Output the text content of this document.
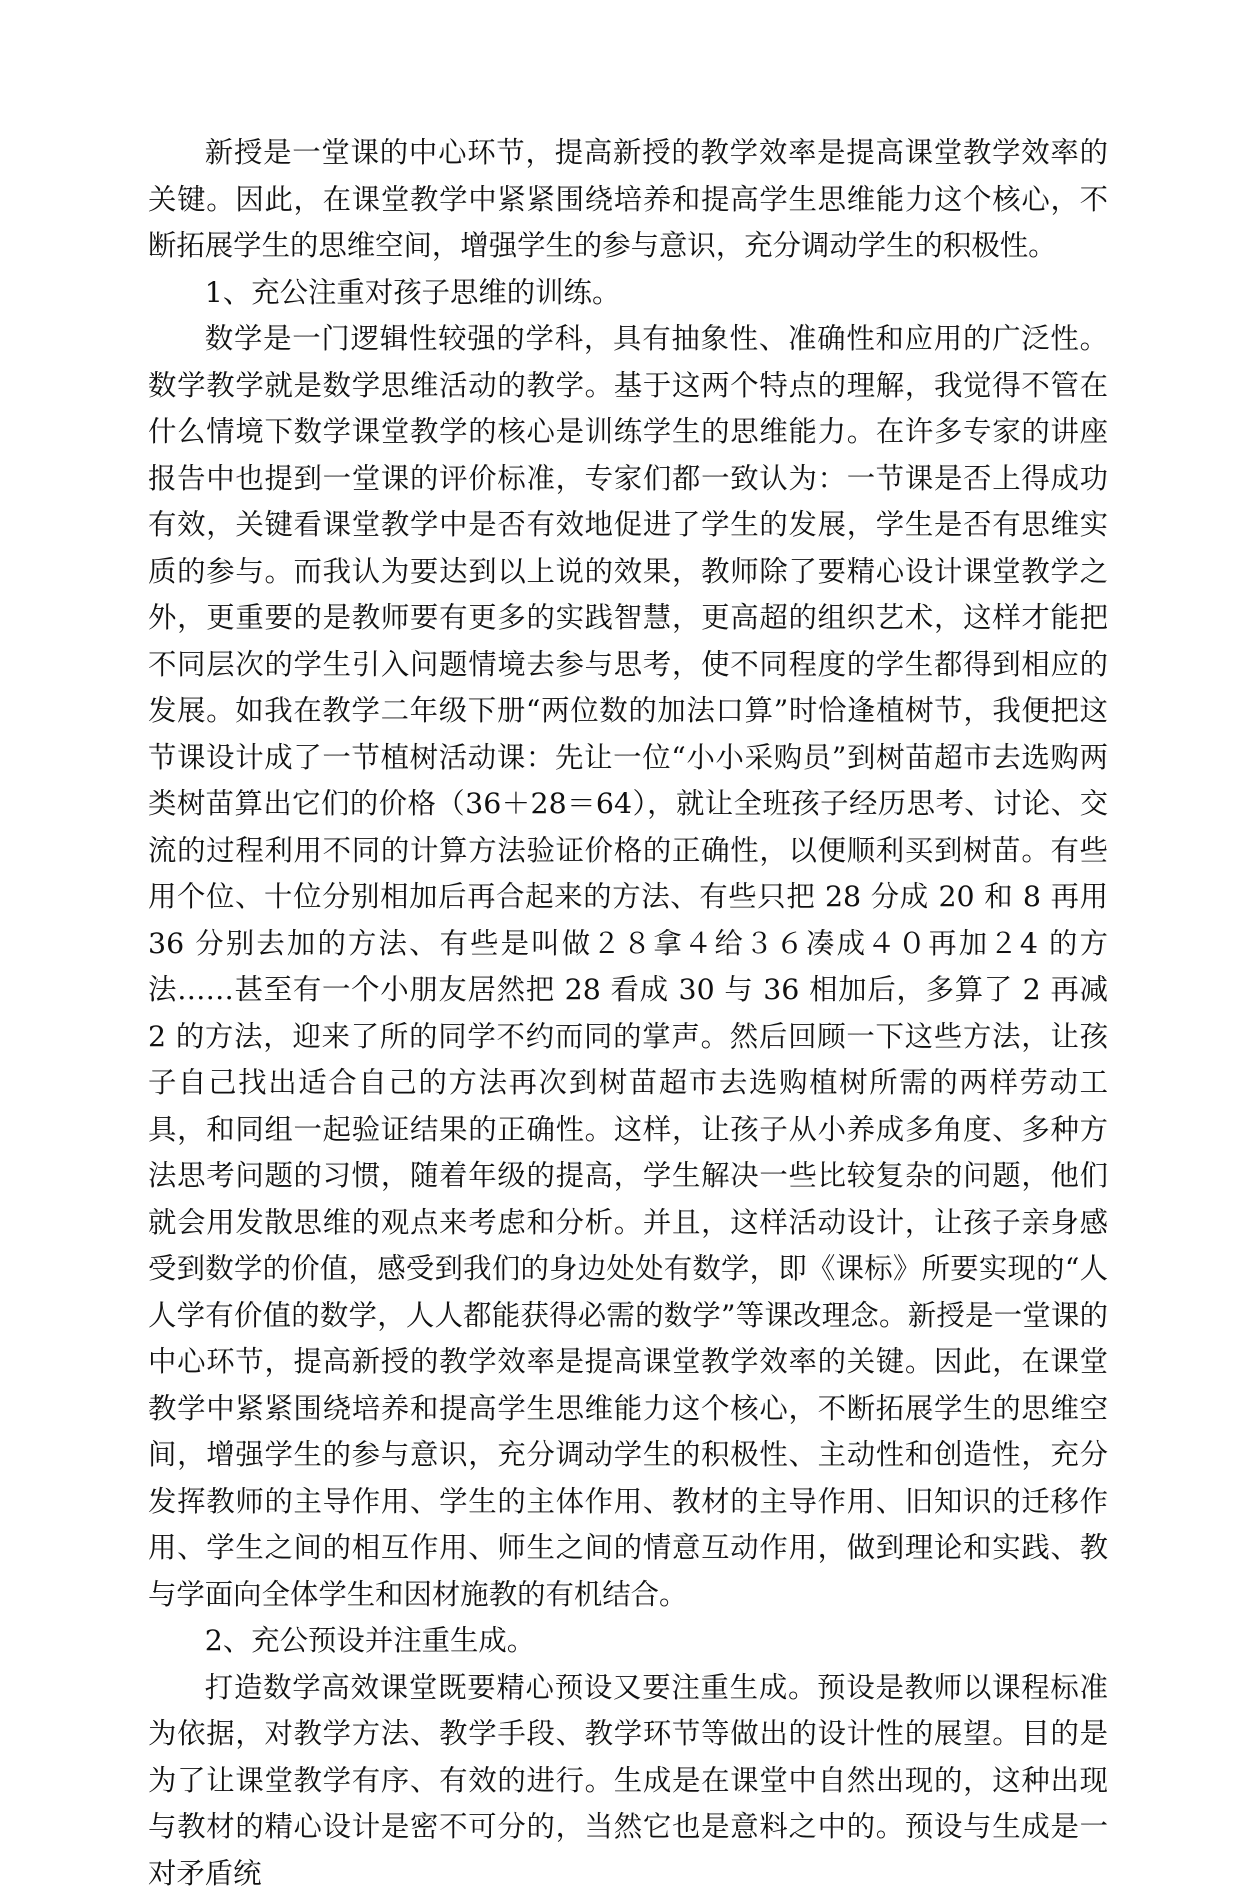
新授是一堂课的中心环节，提高新授的教学效率是提高课堂教学效率的关键。因此，在课堂教学中紧紧围绕培养和提高学生思维能力这个核心，不断拓展学生的思维空间，增强学生的参与意识，充分调动学生的积极性。

1、充公注重对孩子思维的训练。

数学是一门逻辑性较强的学科，具有抽象性、准确性和应用的广泛性。数学教学就是数学思维活动的教学。基于这两个特点的理解，我觉得不管在什么情境下数学课堂教学的核心是训练学生的思维能力。在许多专家的讲座报告中也提到一堂课的评价标准，专家们都一致认为：一节课是否上得成功有效，关键看课堂教学中是否有效地促进了学生的发展，学生是否有思维实质的参与。而我认为要达到以上说的效果，教师除了要精心设计课堂教学之外，更重要的是教师要有更多的实践智慧，更高超的组织艺术，这样才能把不同层次的学生引入问题情境去参与思考，使不同程度的学生都得到相应的发展。如我在教学二年级下册“两位数的加法口算”时恰逢植树节，我便把这节课设计成了一节植树活动课：先让一位“小小采购员”到树苗超市去选购两类树苗算出它们的价格（36＋28＝64），就让全班孩子经历思考、讨论、交流的过程利用不同的计算方法验证价格的正确性，以便顺利买到树苗。有些用个位、十位分别相加后再合起来的方法、有些只把 28 分成 20 和 8 再用 36 分别去加的方法、有些是叫做２８拿４给３６凑成４０再加２4 的方法……甚至有一个小朋友居然把 28 看成 30 与 36 相加后，多算了 2 再减 2 的方法，迎来了所的同学不约而同的掌声。然后回顾一下这些方法，让孩子自己找出适合自己的方法再次到树苗超市去选购植树所需的两样劳动工具，和同组一起验证结果的正确性。这样，让孩子从小养成多角度、多种方法思考问题的习惯，随着年级的提高，学生解决一些比较复杂的问题，他们就会用发散思维的观点来考虑和分析。并且，这样活动设计，让孩子亲身感受到数学的价值，感受到我们的身边处处有数学，即《课标》所要实现的“人人学有价值的数学，人人都能获得必需的数学”等课改理念。新授是一堂课的中心环节，提高新授的教学效率是提高课堂教学效率的关键。因此，在课堂教学中紧紧围绕培养和提高学生思维能力这个核心，不断拓展学生的思维空间，增强学生的参与意识，充分调动学生的积极性、主动性和创造性，充分发挥教师的主导作用、学生的主体作用、教材的主导作用、旧知识的迁移作用、学生之间的相互作用、师生之间的情意互动作用，做到理论和实践、教与学面向全体学生和因材施教的有机结合。

2、充公预设并注重生成。

打造数学高效课堂既要精心预设又要注重生成。预设是教师以课程标准为依据，对教学方法、教学手段、教学环节等做出的设计性的展望。目的是为了让课堂教学有序、有效的进行。生成是在课堂中自然出现的，这种出现与教材的精心设计是密不可分的，当然它也是意料之中的。预设与生成是一对矛盾统
